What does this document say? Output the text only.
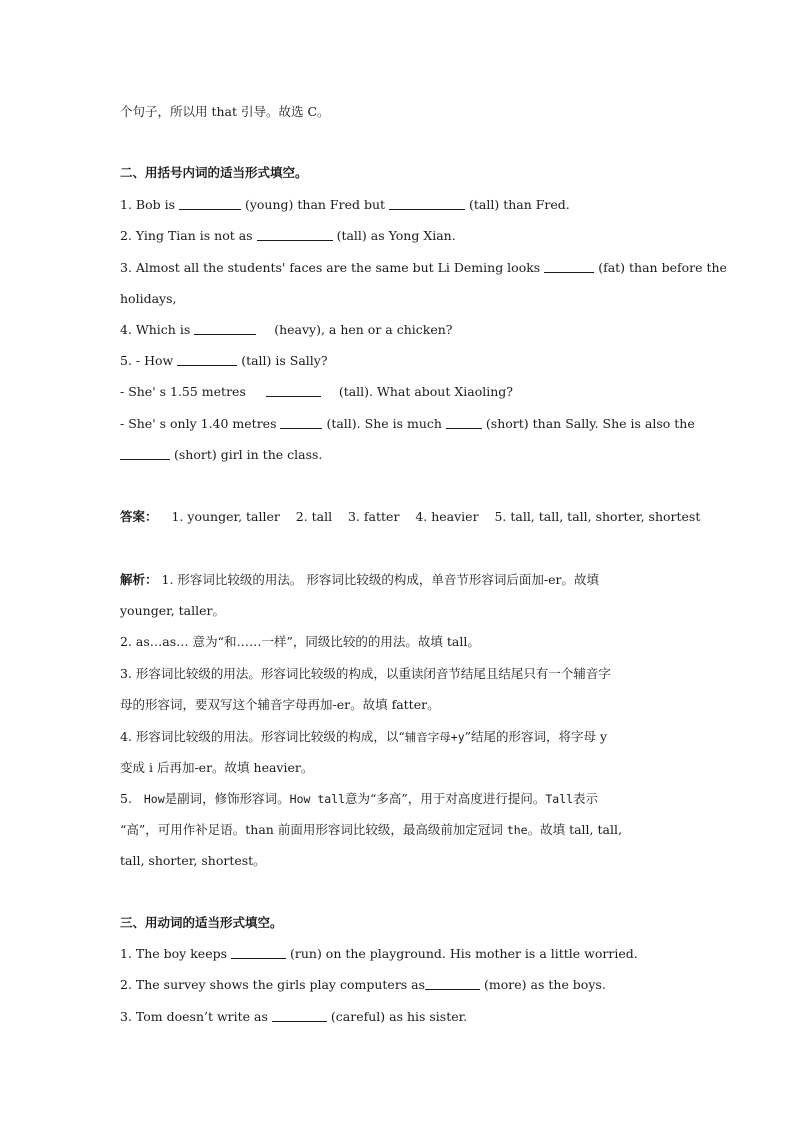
个句子，所以用 that 引导。故选 C。
二、用括号内词的适当形式填空。
1. Bob is	(young) than Fred but	(tall) than Fred.
2. Ying Tian is not as	(tall) as Yong Xian.
3. Almost all the students' faces are the same but Li Deming looks	(fat) than before the
holidays,
4. Which is	(heavy), a hen or a chicken?
5. - How	(tall) is Sally?
- She' s 1.55 metres	(tall). What about Xiaoling?
- She' s only 1.40 metres	(tall). She is much	(short) than Sally. She is also the
(short) girl in the class.
答案： 1. younger, taller    2. tall    3. fatter    4. heavier    5. tall, tall, tall, shorter, shortest
解析： 1. 形容词比较级的用法。 形容词比较级的构成，单音节形容词后面加-er。故填
younger, taller。
2. as…as… 意为“和……一样”，同级比较的的用法。故填 tall。
3. 形容词比较级的用法。形容词比较级的构成，以重读闭音节结尾且结尾只有一个辅音字
母的形容词，要双写这个辅音字母再加-er。故填 fatter。
4. 形容词比较级的用法。形容词比较级的构成，以“辅音字母+y”结尾的形容词，将字母 y
变成 i 后再加-er。故填 heavier。
5.   How是副词，修饰形容词。How tall意为“多高”，用于对高度进行提问。Tall表示
“高”，可用作补足语。than 前面用形容词比较级，最高级前加定冠词 the。故填 tall, tall,
tall, shorter, shortest。
三、用动词的适当形式填空。
1. The boy keeps	(run) on the playground. His mother is a little worried.
2. The survey shows the girls play computers as	(more) as the boys.
3. Tom doesn’t write as	(careful) as his sister.
